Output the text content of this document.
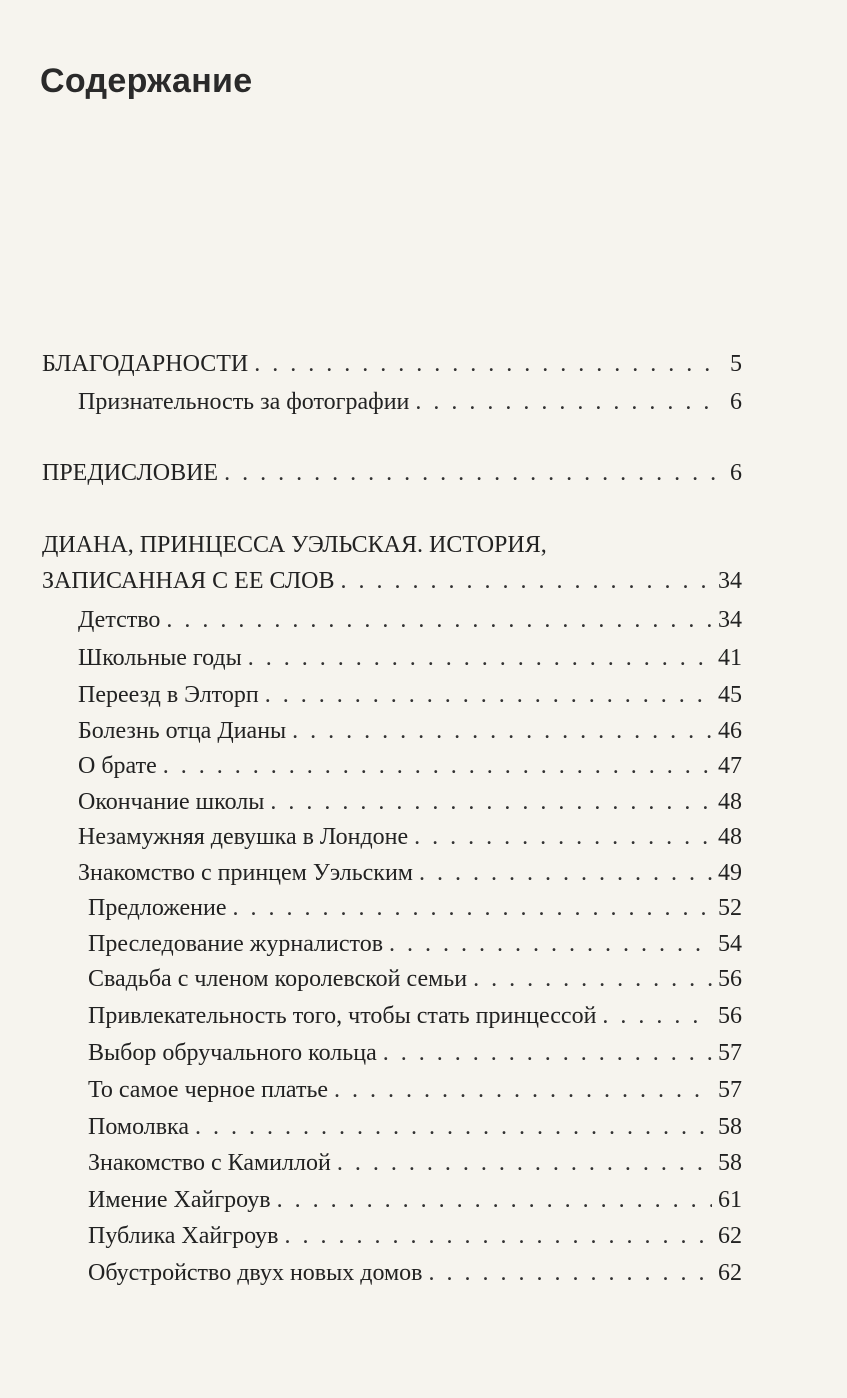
Содержание
БЛАГОДАРНОСТИ . . .	5
Признательность за фотографии . . .	6
ПРЕДИСЛОВИЕ . . .	6
ДИАНА, ПРИНЦЕССА УЭЛЬСКАЯ. ИСТОРИЯ,
ЗАПИСАННАЯ С ЕЕ СЛОВ . . .	34
Детство . . .	34
Школьные годы . . .	41
Переезд в Элторп . . .	45
Болезнь отца Дианы . . .	46
О брате . . .	47
Окончание школы . . .	48
Незамужняя девушка в Лондоне . . .	48
Знакомство с принцем Уэльским . . .	49
Предложение . . .	52
Преследование журналистов . . .	54
Свадьба с членом королевской семьи . . .	56
Привлекательность того, чтобы стать принцессой . . .	56
Выбор обручального кольца . . .	57
То самое черное платье . . .	57
Помолвка . . .	58
Знакомство с Камиллой . . .	58
Имение Хайгроув . . .	61
Публика Хайгроув . . .	62
Обустройство двух новых домов . . .	62
